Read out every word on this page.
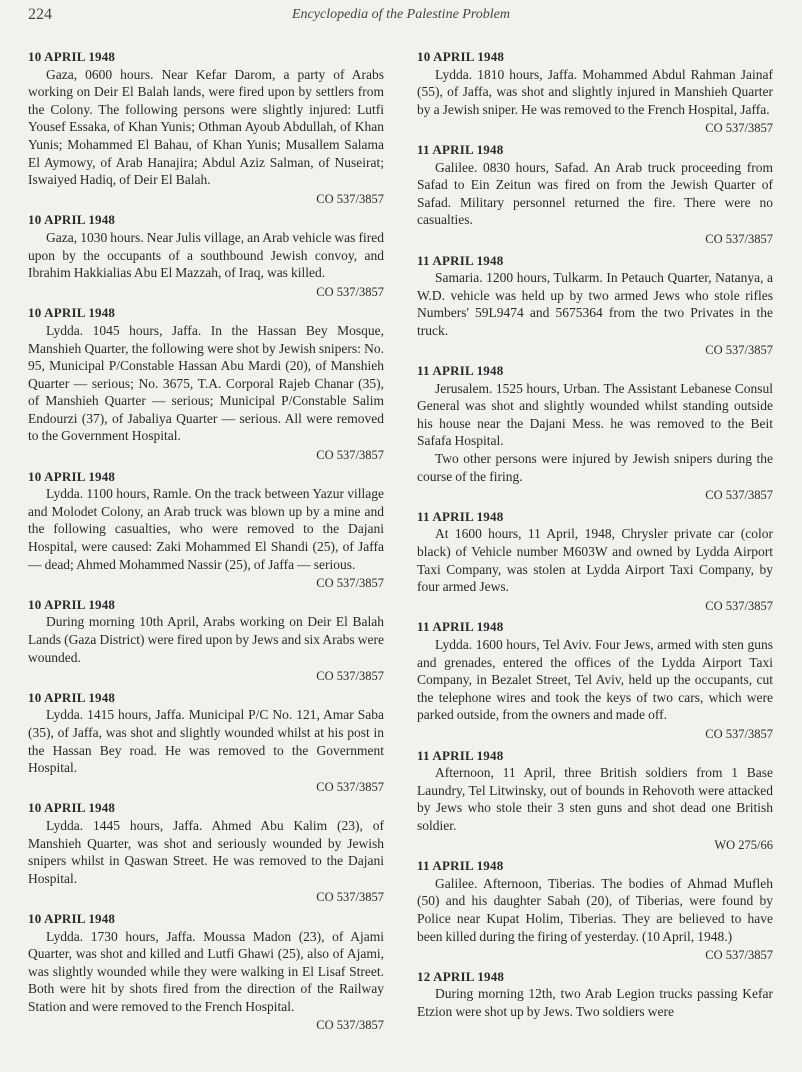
224	Encyclopedia of the Palestine Problem

10 APRIL 1948

Gaza, 0600 hours. Near Kefar Darom, a party of Arabs working on Deir El Balah lands, were fired upon by settlers from the Colony. The following persons were slightly injured: Lutfi Yousef Essaka, of Khan Yunis; Othman Ayoub Abdullah, of Khan Yunis; Mohammed El Bahau, of Khan Yunis; Musallem Salama El Aymowy, of Arab Hanajira; Abdul Aziz Salman, of Nuseirat; Iswaiyed Hadiq, of Deir El Balah.

CO 537/3857

10 APRIL 1948

Gaza, 1030 hours. Near Julis village, an Arab vehicle was fired upon by the occupants of a southbound Jewish convoy, and Ibrahim Hakkialias Abu El Mazzah, of Iraq, was killed.

CO 537/3857

10 APRIL 1948

Lydda. 1045 hours, Jaffa. In the Hassan Bey Mosque, Manshieh Quarter, the following were shot by Jewish snipers: No. 95, Municipal P/Constable Hassan Abu Mardi (20), of Manshieh Quarter — serious; No. 3675, T.A. Corporal Rajeb Chanar (35), of Manshieh Quarter — serious; Municipal P/Constable Salim Endourzi (37), of Jabaliya Quarter — serious. All were removed to the Government Hospital.

CO 537/3857

10 APRIL 1948

Lydda. 1100 hours, Ramle. On the track between Yazur village and Molodet Colony, an Arab truck was blown up by a mine and the following casualties, who were removed to the Dajani Hospital, were caused: Zaki Mohammed El Shandi (25), of Jaffa — dead; Ahmed Mohammed Nassir (25), of Jaffa — serious.

CO 537/3857

10 APRIL 1948

During morning 10th April, Arabs working on Deir El Balah Lands (Gaza District) were fired upon by Jews and six Arabs were wounded.

CO 537/3857

10 APRIL 1948

Lydda. 1415 hours, Jaffa. Municipal P/C No. 121, Amar Saba (35), of Jaffa, was shot and slightly wounded whilst at his post in the Hassan Bey road. He was removed to the Government Hospital.

CO 537/3857

10 APRIL 1948

Lydda. 1445 hours, Jaffa. Ahmed Abu Kalim (23), of Manshieh Quarter, was shot and seriously wounded by Jewish snipers whilst in Qaswan Street. He was removed to the Dajani Hospital.

CO 537/3857

10 APRIL 1948

Lydda. 1730 hours, Jaffa. Moussa Madon (23), of Ajami Quarter, was shot and killed and Lutfi Ghawi (25), also of Ajami, was slightly wounded while they were walking in El Lisaf Street. Both were hit by shots fired from the direction of the Railway Station and were removed to the French Hospital.

CO 537/3857

10 APRIL 1948

Lydda. 1810 hours, Jaffa. Mohammed Abdul Rahman Jainaf (55), of Jaffa, was shot and slightly injured in Manshieh Quarter by a Jewish sniper. He was removed to the French Hospital, Jaffa.

CO 537/3857

11 APRIL 1948

Galilee. 0830 hours, Safad. An Arab truck proceeding from Safad to Ein Zeitun was fired on from the Jewish Quarter of Safad. Military personnel returned the fire. There were no casualties.

CO 537/3857

11 APRIL 1948

Samaria. 1200 hours, Tulkarm. In Petauch Quarter, Natanya, a W.D. vehicle was held up by two armed Jews who stole rifles Numbers' 59L9474 and 5675364 from the two Privates in the truck.

CO 537/3857

11 APRIL 1948

Jerusalem. 1525 hours, Urban. The Assistant Lebanese Consul General was shot and slightly wounded whilst standing outside his house near the Dajani Mess. he was removed to the Beit Safafa Hospital.

Two other persons were injured by Jewish snipers during the course of the firing.

CO 537/3857

11 APRIL 1948

At 1600 hours, 11 April, 1948, Chrysler private car (color black) of Vehicle number M603W and owned by Lydda Airport Taxi Company, was stolen at Lydda Airport Taxi Company, by four armed Jews.

CO 537/3857

11 APRIL 1948

Lydda. 1600 hours, Tel Aviv. Four Jews, armed with sten guns and grenades, entered the offices of the Lydda Airport Taxi Company, in Bezalet Street, Tel Aviv, held up the occupants, cut the telephone wires and took the keys of two cars, which were parked outside, from the owners and made off.

CO 537/3857

11 APRIL 1948

Afternoon, 11 April, three British soldiers from 1 Base Laundry, Tel Litwinsky, out of bounds in Rehovoth were attacked by Jews who stole their 3 sten guns and shot dead one British soldier.

WO 275/66

11 APRIL 1948

Galilee. Afternoon, Tiberias. The bodies of Ahmad Mufleh (50) and his daughter Sabah (20), of Tiberias, were found by Police near Kupat Holim, Tiberias. They are believed to have been killed during the firing of yesterday. (10 April, 1948.)

CO 537/3857

12 APRIL 1948

During morning 12th, two Arab Legion trucks passing Kefar Etzion were shot up by Jews. Two soldiers were
